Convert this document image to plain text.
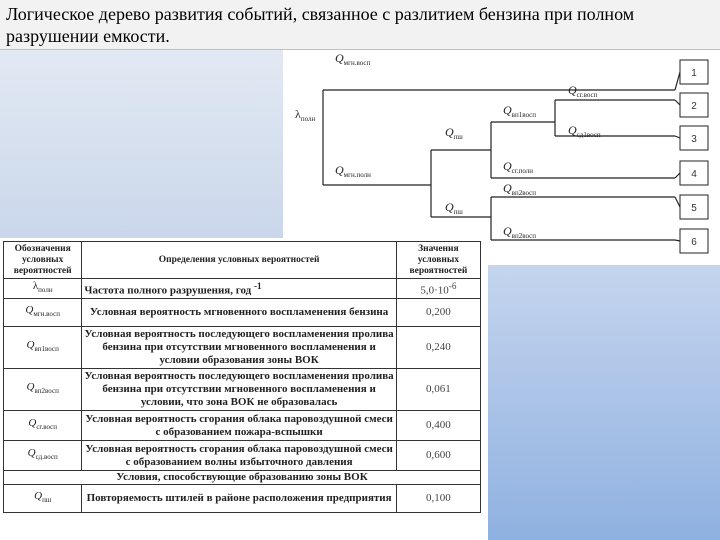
Логическое дерево развития событий, связанное с разлитием бензина при полном разрушении емкости.
1
2
3
4
5
6
$\lambda_{полн}$
$Q_{мгн.восп}$
$Q_{мгн.полн}$
$Q_{пш}$
$Q_{пш}$
$Q_{вп1восп}$
$Q_{сг.полн}$
$Q_{сг.восп}$
$Q_{сд1восп}$
$Q_{вп2восп}$
$Q_{вп2восп}$
Обозначения условных вероятностей	Определения условных вероятностей	Значения условных вероятностей
$\lambda_{полн}$	Частота полного разрушения, год $^{-1}$	$5,0\cdot 10^{-6}$
$Q_{мгн.восп}$	Условная вероятность мгновенного воспламенения бензина	0,200
$Q_{вп1восп}$	Условная вероятность последующего воспламенения пролива бензина при отсутствии мгновенного воспламенения и условии образования зоны ВОК	0,240
$Q_{вп2восп}$	Условная вероятность последующего воспламенения пролива бензина при отсутствии мгновенного воспламенения и условии, что зона ВОК не образовалась	0,061
$Q_{сг.восп}$	Условная вероятность сгорания облака паровоздушной смеси с образованием пожара-вспышки	0,400
$Q_{сд.восп}$	Условная вероятность сгорания облака паровоздушной смеси с образованием волны избыточного давления	0,600
Условия, способствующие образованию зоны ВОК		
$Q_{пш}$	Повторяемость штилей в районе расположения предприятия	0,100
